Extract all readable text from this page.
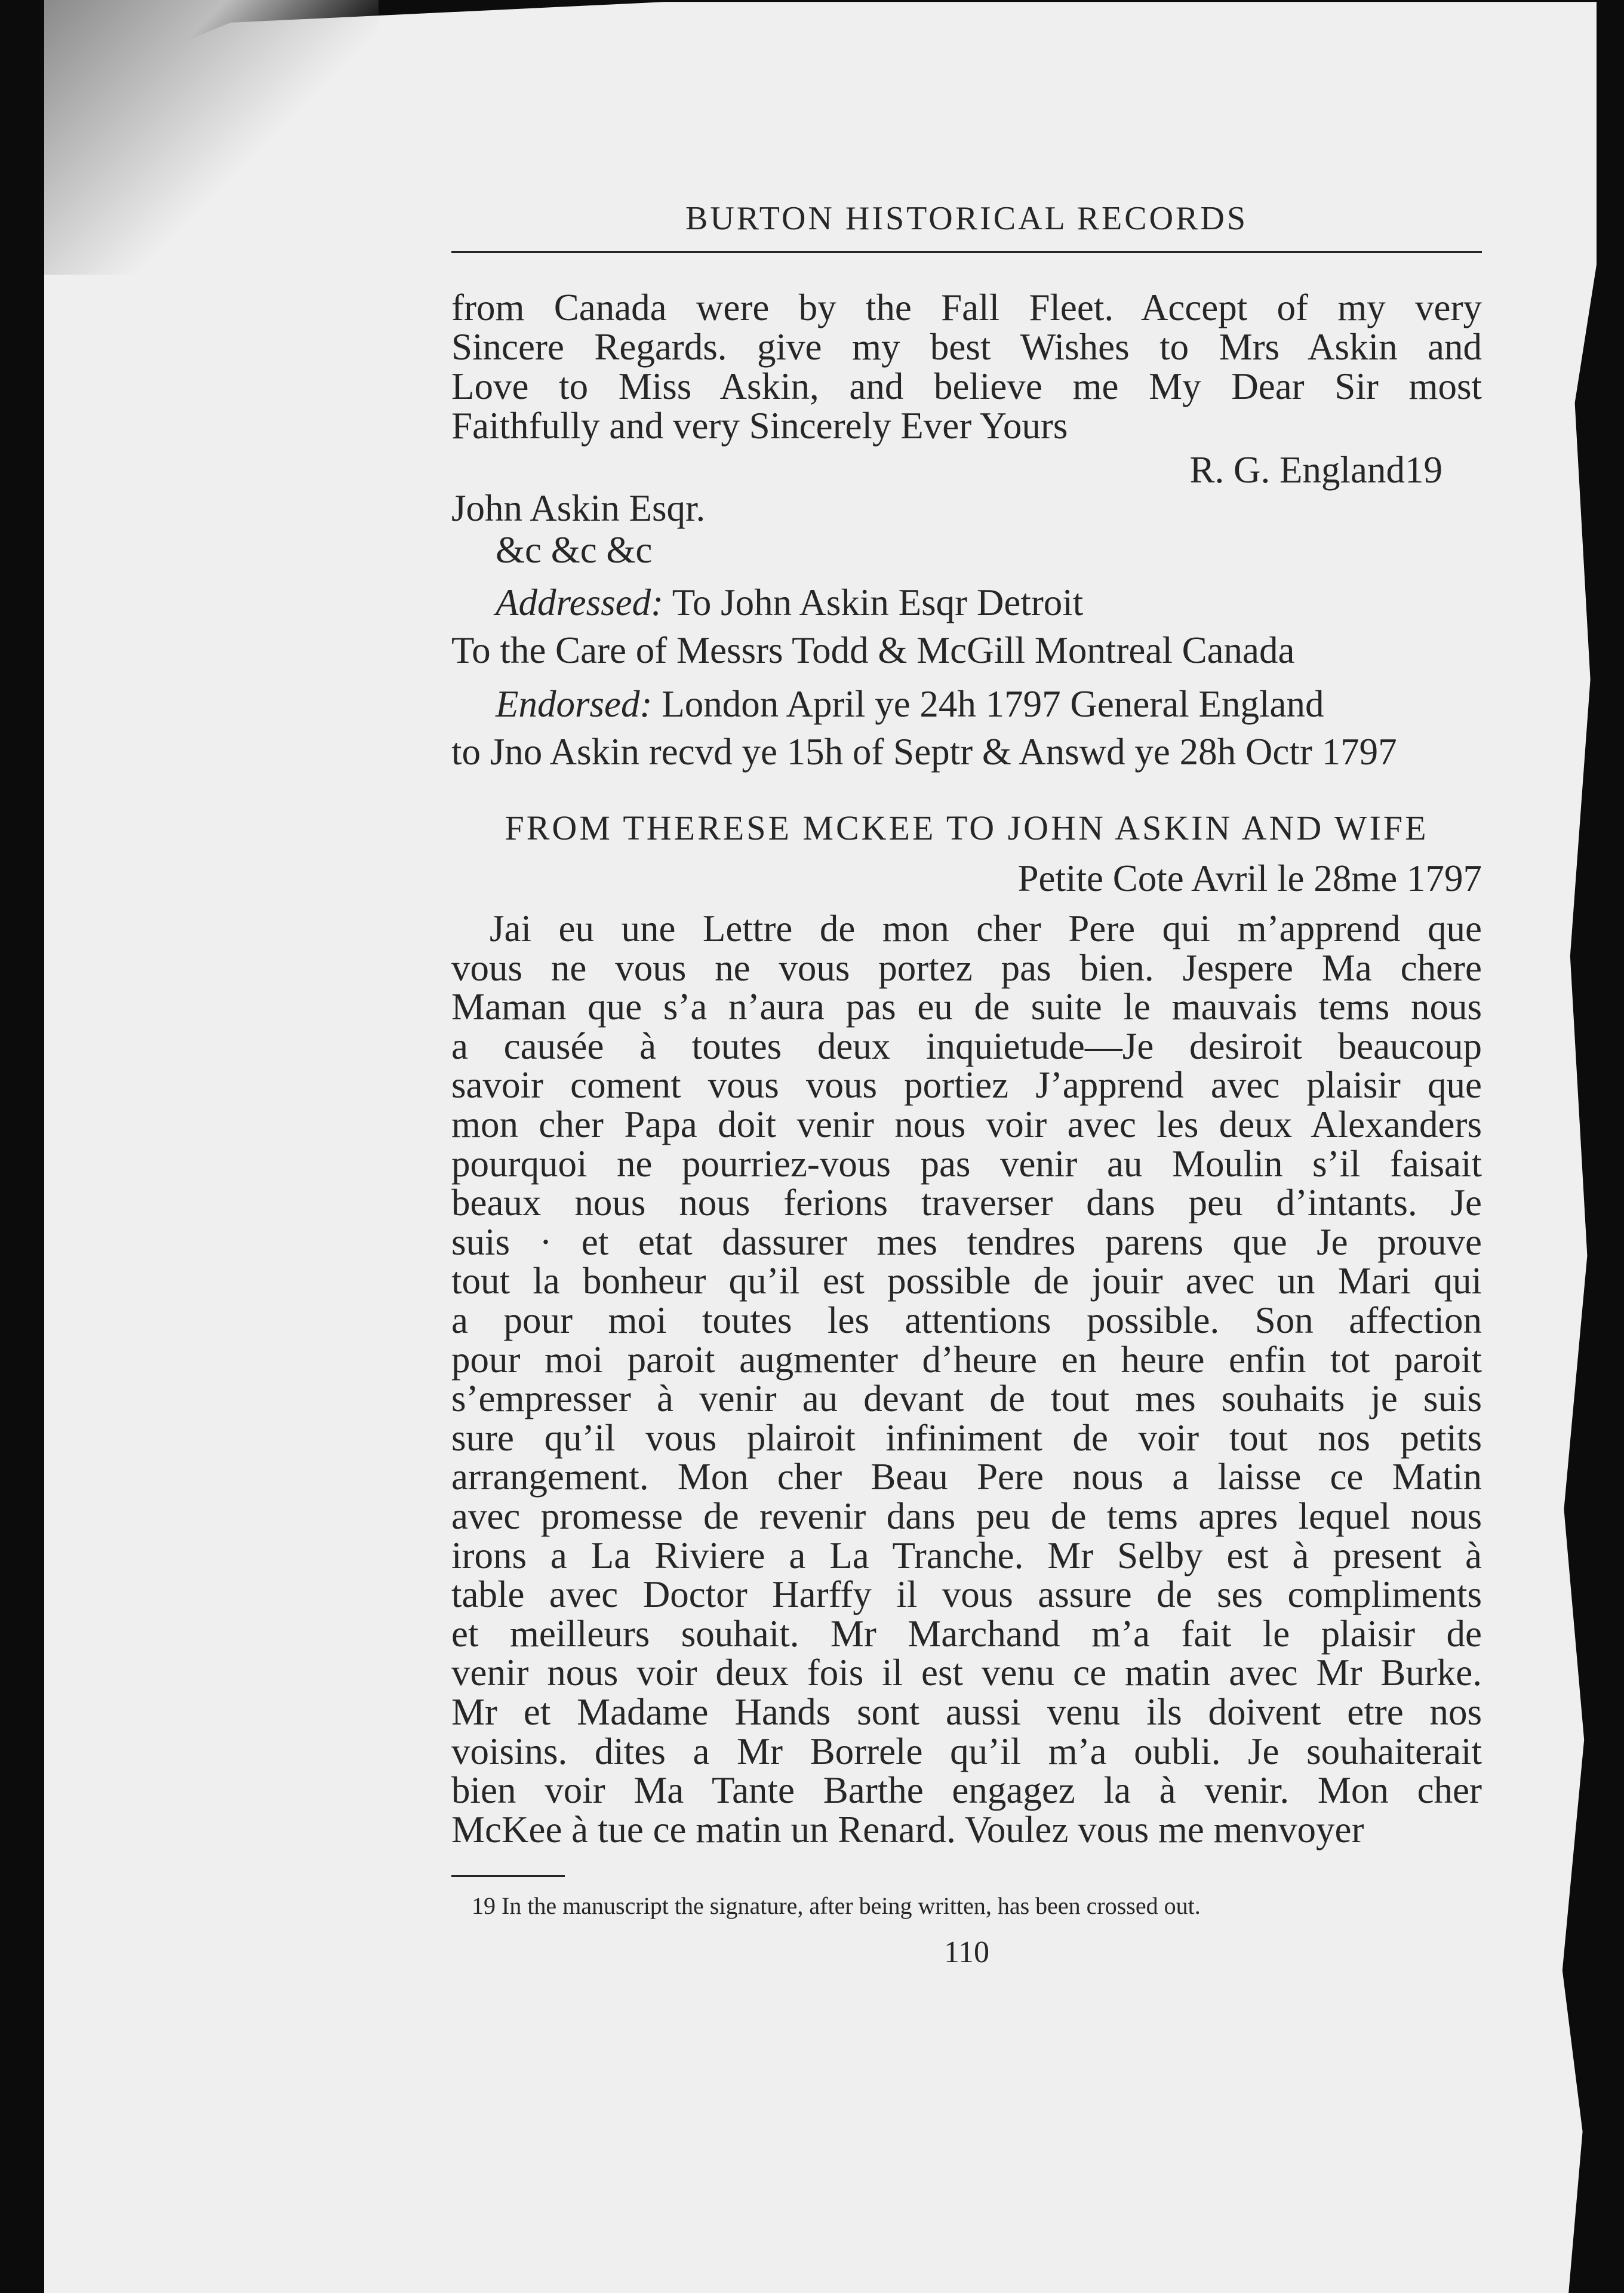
BURTON HISTORICAL RECORDS
from Canada were by the Fall Fleet. Accept of my very
Sincere Regards. give my best Wishes to Mrs Askin and
Love to Miss Askin, and believe me My Dear Sir most
Faithfully and very Sincerely Ever Yours
R. G. England19
John Askin Esqr.
&c &c &c
Addressed: To John Askin Esqr Detroit
To the Care of Messrs Todd & McGill Montreal Canada
Endorsed: London April ye 24h 1797 General England
to Jno Askin recvd ye 15h of Septr & Answd ye 28h Octr 1797
FROM THERESE MCKEE TO JOHN ASKIN AND WIFE
Petite Cote Avril le 28me 1797
Jai eu une Lettre de mon cher Pere qui m’apprend que
vous ne vous ne vous portez pas bien. Jespere Ma chere
Maman que s’a n’aura pas eu de suite le mauvais tems nous
a causée à toutes deux inquietude—Je desiroit beaucoup
savoir coment vous vous portiez J’apprend avec plaisir que
mon cher Papa doit venir nous voir avec les deux Alexanders
pourquoi ne pourriez-vous pas venir au Moulin s’il faisait
beaux nous nous ferions traverser dans peu d’intants. Je
suis · et etat dassurer mes tendres parens que Je prouve
tout la bonheur qu’il est possible de jouir avec un Mari qui
a pour moi toutes les attentions possible. Son affection
pour moi paroit augmenter d’heure en heure enfin tot paroit
s’empresser à venir au devant de tout mes souhaits je suis
sure qu’il vous plairoit infiniment de voir tout nos petits
arrangement. Mon cher Beau Pere nous a laisse ce Matin
avec promesse de revenir dans peu de tems apres lequel nous
irons a La Riviere a La Tranche. Mr Selby est à present à
table avec Doctor Harffy il vous assure de ses compliments
et meilleurs souhait. Mr Marchand m’a fait le plaisir de
venir nous voir deux fois il est venu ce matin avec Mr Burke.
Mr et Madame Hands sont aussi venu ils doivent etre nos
voisins. dites a Mr Borrele qu’il m’a oubli. Je souhaiterait
bien voir Ma Tante Barthe engagez la à venir. Mon cher
McKee à tue ce matin un Renard. Voulez vous me menvoyer
19 In the manuscript the signature, after being written, has been crossed out.
110
